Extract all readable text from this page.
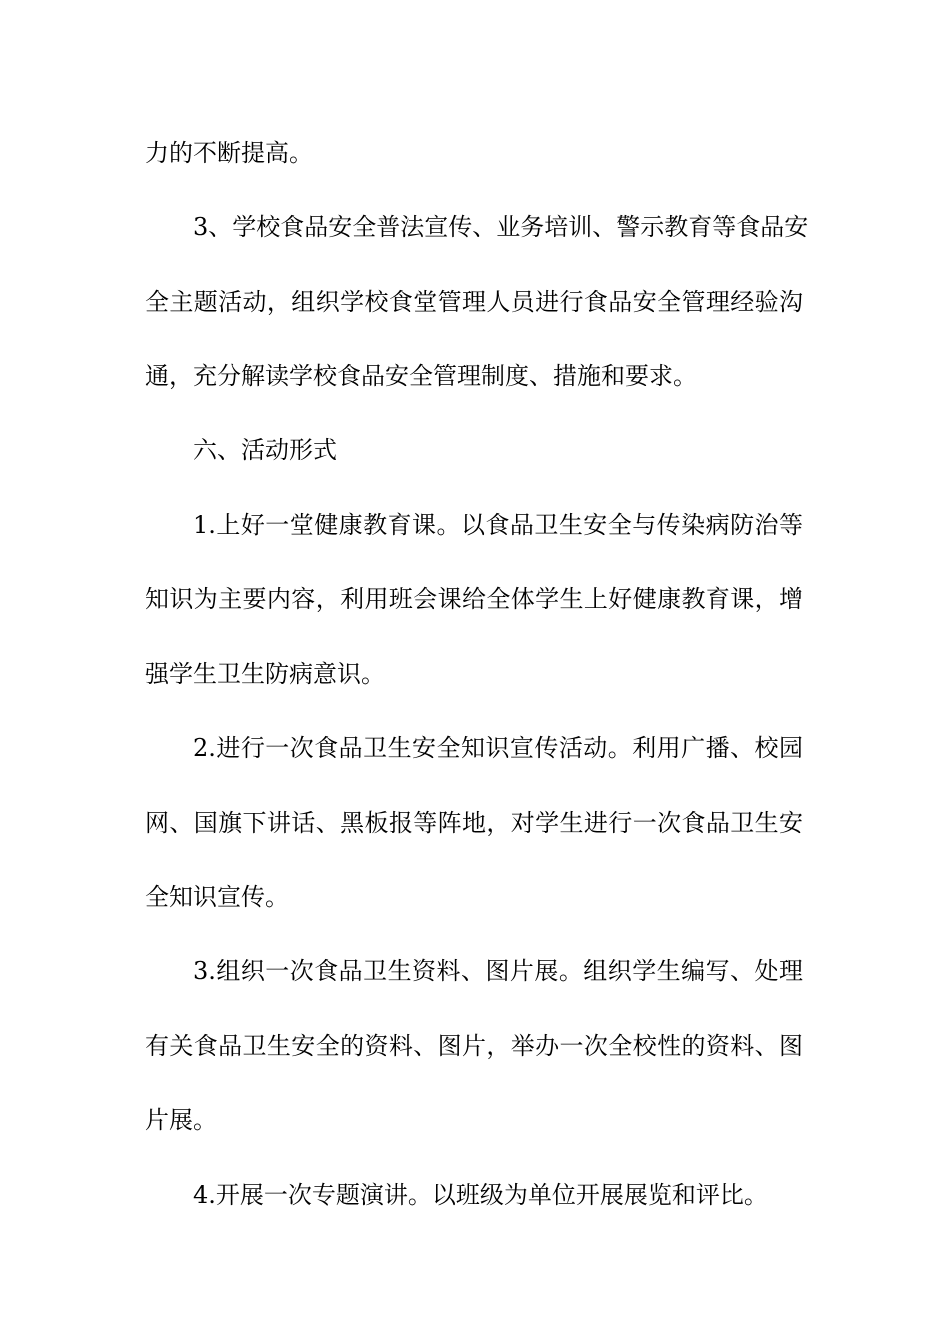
力的不断提高。

3、学校食品安全普法宣传、业务培训、警示教育等食品安

全主题活动，组织学校食堂管理人员进行食品安全管理经验沟

通，充分解读学校食品安全管理制度、措施和要求。

六、活动形式

1.上好一堂健康教育课。以食品卫生安全与传染病防治等

知识为主要内容，利用班会课给全体学生上好健康教育课，增

强学生卫生防病意识。

2.进行一次食品卫生安全知识宣传活动。利用广播、校园

网、国旗下讲话、黑板报等阵地，对学生进行一次食品卫生安

全知识宣传。

3.组织一次食品卫生资料、图片展。组织学生编写、处理

有关食品卫生安全的资料、图片，举办一次全校性的资料、图

片展。

4.开展一次专题演讲。以班级为单位开展展览和评比。
